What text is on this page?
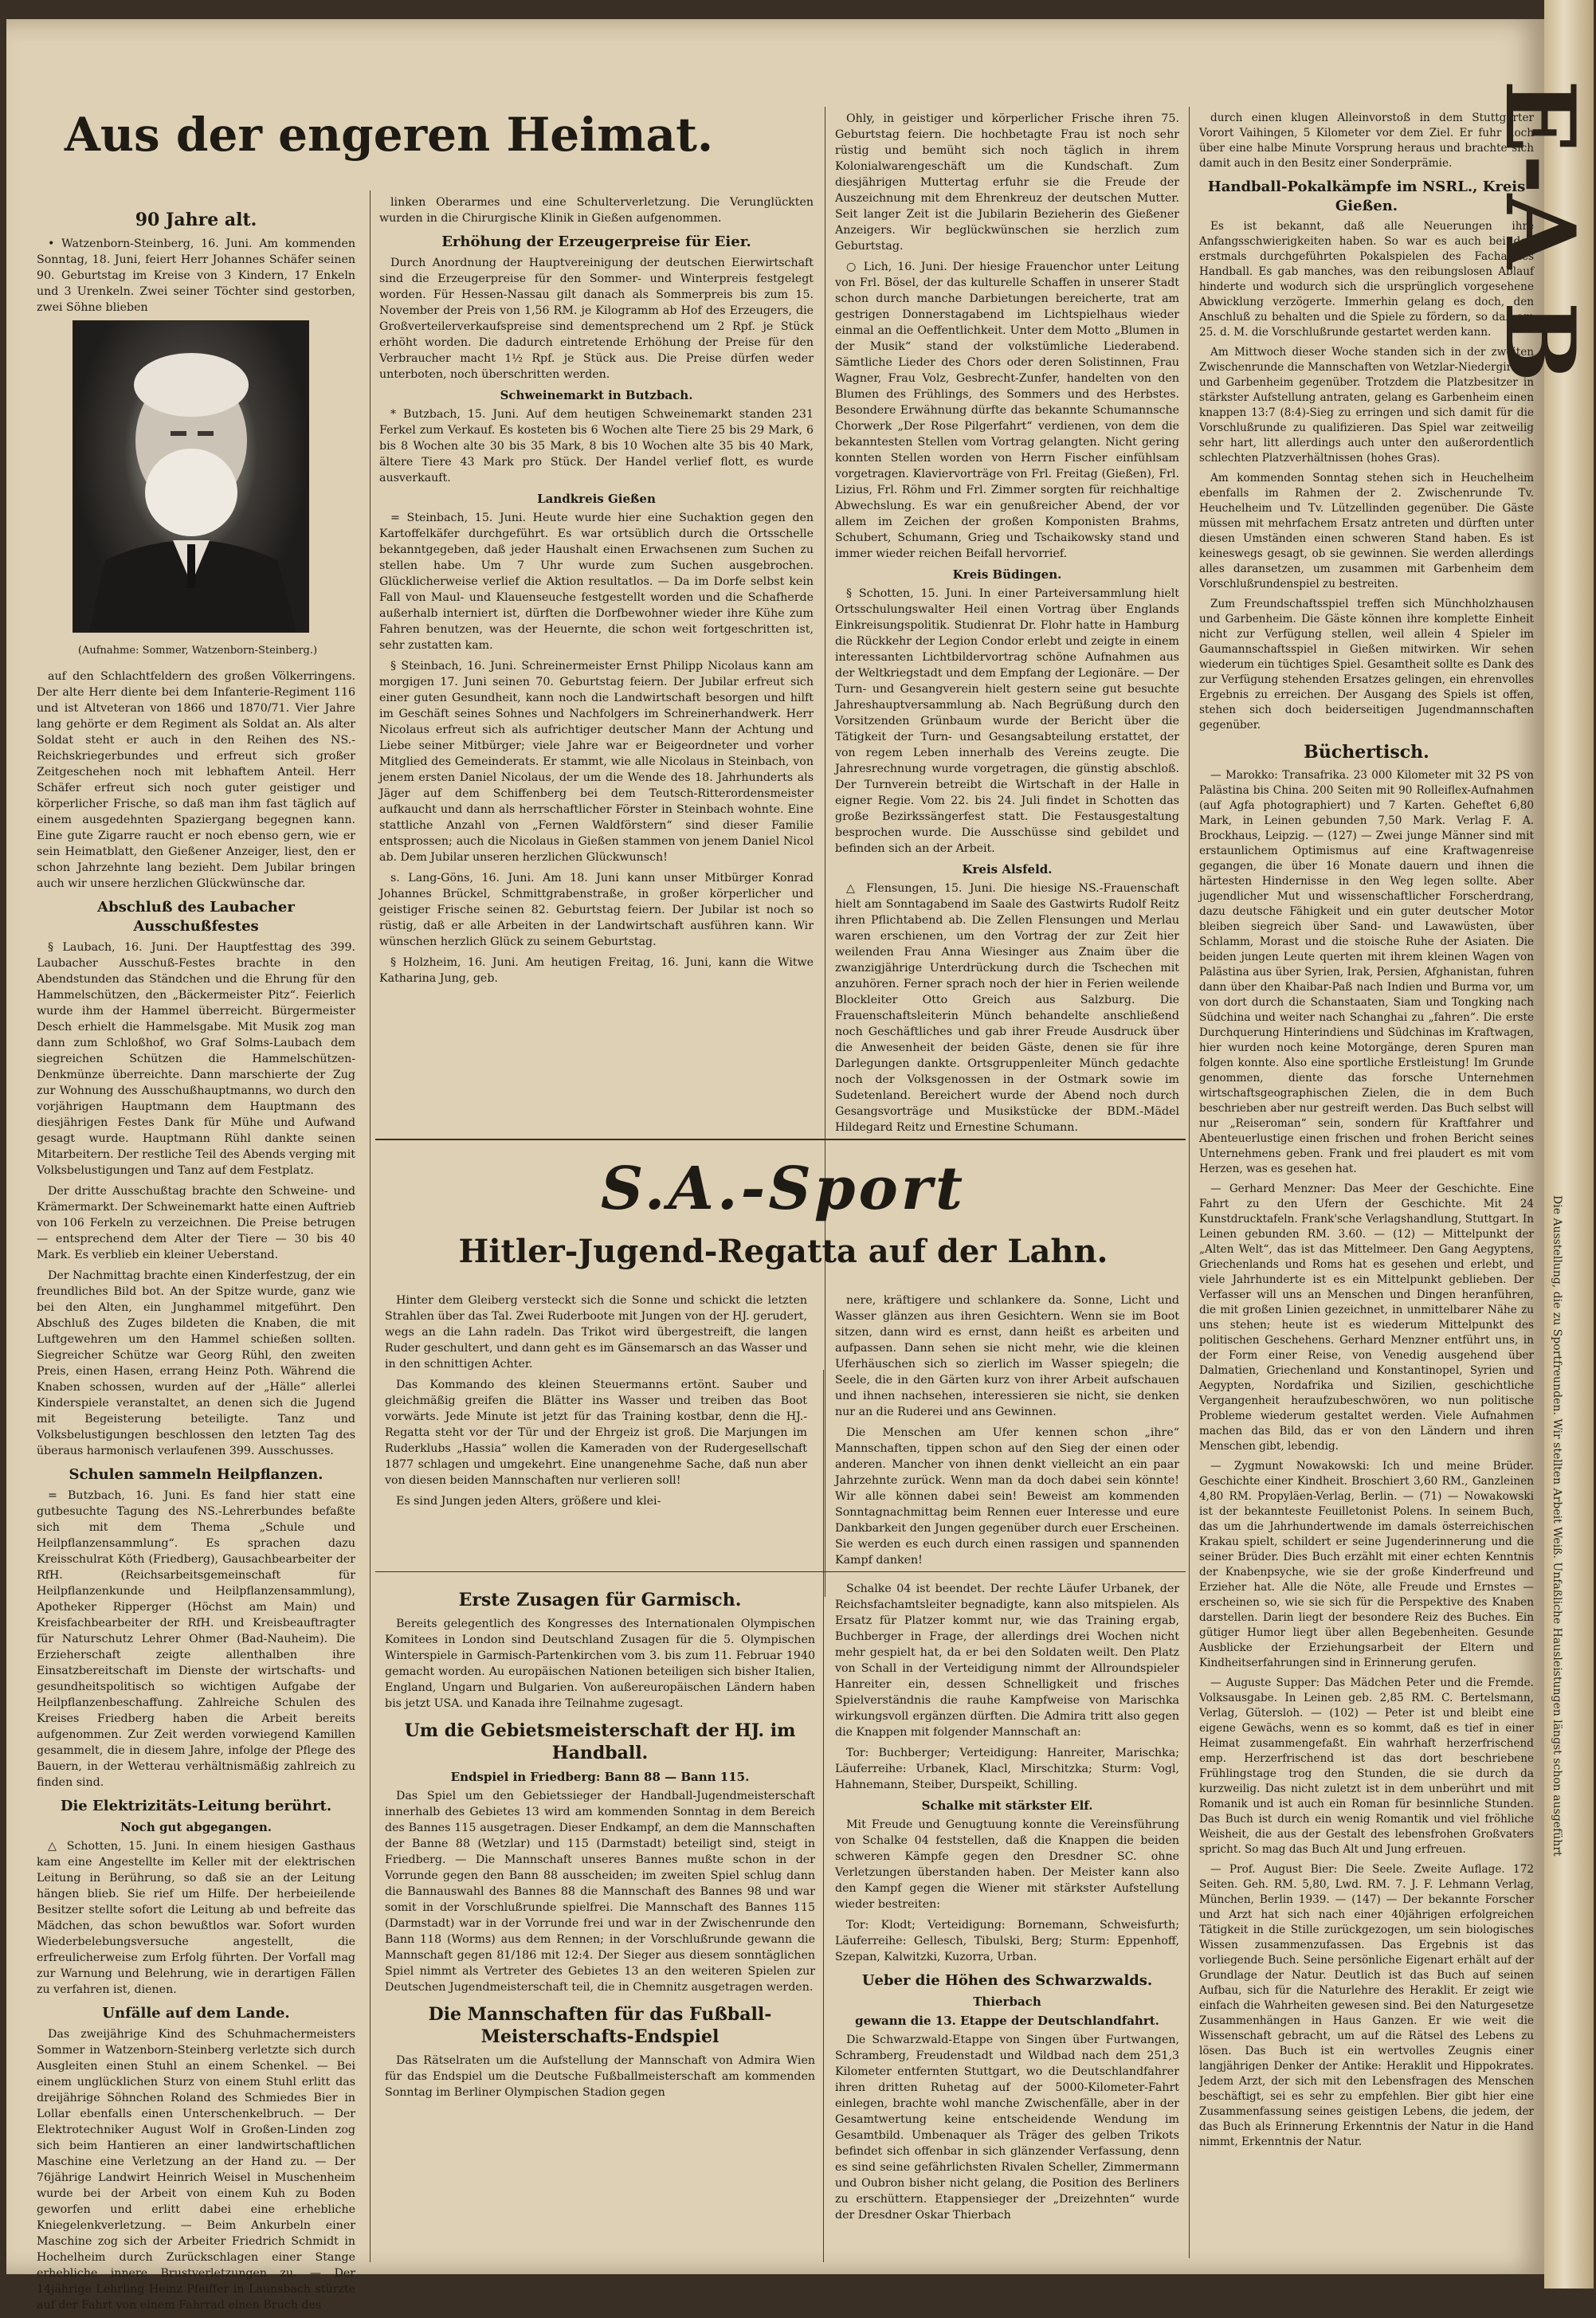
Aus der engeren Heimat.
90 Jahre alt.

• Watzenborn-Steinberg, 16. Juni. Am kommenden Sonntag, 18. Juni, feiert Herr Johannes Schäfer seinen 90. Geburtstag im Kreise von 3 Kindern, 17 Enkeln und 3 Urenkeln. Zwei seiner Töchter sind gestorben, zwei Söhne blieben

(Aufnahme: Sommer, Watzenborn-Steinberg.)

auf den Schlachtfeldern des großen Völkerringens. Der alte Herr diente bei dem Infanterie-Regiment 116 und ist Altveteran von 1866 und 1870/71. Vier Jahre lang gehörte er dem Regiment als Soldat an. Als alter Soldat steht er auch in den Reihen des NS.-Reichskriegerbundes und erfreut sich großer Zeitgeschehen noch mit lebhaftem Anteil. Herr Schäfer erfreut sich noch guter geistiger und körperlicher Frische, so daß man ihm fast täglich auf einem ausgedehnten Spaziergang begegnen kann. Eine gute Zigarre raucht er noch ebenso gern, wie er sein Heimatblatt, den Gießener Anzeiger, liest, den er schon Jahrzehnte lang bezieht. Dem Jubilar bringen auch wir unsere herzlichen Glückwünsche dar.

Abschluß des Laubacher Ausschußfestes

§ Laubach, 16. Juni. Der Hauptfesttag des 399. Laubacher Ausschuß-Festes brachte in den Abendstunden das Ständchen und die Ehrung für den Hammelschützen, den „Bäckermeister Pitz“. Feierlich wurde ihm der Hammel überreicht. Bürgermeister Desch erhielt die Hammelsgabe. Mit Musik zog man dann zum Schloßhof, wo Graf Solms-Laubach dem siegreichen Schützen die Hammelschützen-Denkmünze überreichte. Dann marschierte der Zug zur Wohnung des Ausschußhauptmanns, wo durch den vorjährigen Hauptmann dem Hauptmann des diesjährigen Festes Dank für Mühe und Aufwand gesagt wurde. Hauptmann Rühl dankte seinen Mitarbeitern. Der restliche Teil des Abends verging mit Volksbelustigungen und Tanz auf dem Festplatz.

Der dritte Ausschußtag brachte den Schweine- und Krämermarkt. Der Schweinemarkt hatte einen Auftrieb von 106 Ferkeln zu verzeichnen. Die Preise betrugen — entsprechend dem Alter der Tiere — 30 bis 40 Mark. Es verblieb ein kleiner Ueberstand.

Der Nachmittag brachte einen Kinderfestzug, der ein freundliches Bild bot. An der Spitze wurde, ganz wie bei den Alten, ein Junghammel mitgeführt. Den Abschluß des Zuges bildeten die Knaben, die mit Luftgewehren um den Hammel schießen sollten. Siegreicher Schütze war Georg Rühl, den zweiten Preis, einen Hasen, errang Heinz Poth. Während die Knaben schossen, wurden auf der „Hälle“ allerlei Kinderspiele veranstaltet, an denen sich die Jugend mit Begeisterung beteiligte. Tanz und Volksbelustigungen beschlossen den letzten Tag des überaus harmonisch verlaufenen 399. Ausschusses.

Schulen sammeln Heilpflanzen.

= Butzbach, 16. Juni. Es fand hier statt eine gutbesuchte Tagung des NS.-Lehrerbundes befaßte sich mit dem Thema „Schule und Heilpflanzensammlung“. Es sprachen dazu Kreisschulrat Köth (Friedberg), Gausachbearbeiter der RfH. (Reichsarbeitsgemeinschaft für Heilpflanzenkunde und Heilpflanzensammlung), Apotheker Ripperger (Höchst am Main) und Kreisfachbearbeiter der RfH. und Kreisbeauftragter für Naturschutz Lehrer Ohmer (Bad-Nauheim). Die Erzieherschaft zeigte allenthalben ihre Einsatzbereitschaft im Dienste der wirtschafts- und gesundheitspolitisch so wichtigen Aufgabe der Heilpflanzenbeschaffung. Zahlreiche Schulen des Kreises Friedberg haben die Arbeit bereits aufgenommen. Zur Zeit werden vorwiegend Kamillen gesammelt, die in diesem Jahre, infolge der Pflege des Bauern, in der Wetterau verhältnismäßig zahlreich zu finden sind.

Die Elektrizitäts-Leitung berührt.
Noch gut abgegangen.

△ Schotten, 15. Juni. In einem hiesigen Gasthaus kam eine Angestellte im Keller mit der elektrischen Leitung in Berührung, so daß sie an der Leitung hängen blieb. Sie rief um Hilfe. Der herbeieilende Besitzer stellte sofort die Leitung ab und befreite das Mädchen, das schon bewußtlos war. Sofort wurden Wiederbelebungsversuche angestellt, die erfreulicherweise zum Erfolg führten. Der Vorfall mag zur Warnung und Belehrung, wie in derartigen Fällen zu verfahren ist, dienen.

Unfälle auf dem Lande.

Das zweijährige Kind des Schuhmachermeisters Sommer in Watzenborn-Steinberg verletzte sich durch Ausgleiten einen Stuhl an einem Schenkel. — Bei einem unglücklichen Sturz von einem Stuhl erlitt das dreijährige Söhnchen Roland des Schmiedes Bier in Lollar ebenfalls einen Unterschenkelbruch. — Der Elektrotechniker August Wolf in Großen-Linden zog sich beim Hantieren an einer landwirtschaftlichen Maschine eine Verletzung an der Hand zu. — Der 76jährige Landwirt Heinrich Weisel in Muschenheim wurde bei der Arbeit von einem Kuh zu Boden geworfen und erlitt dabei eine erhebliche Kniegelenkverletzung. — Beim Ankurbeln einer Maschine zog sich der Arbeiter Friedrich Schmidt in Hochelheim durch Zurückschlagen einer Stange erhebliche innere Brustverletzungen zu. — Der 14jährige Lehrling Heinz Pfeiffer in Launsbach stürzte auf der Fahrt von einem Fahrrad einen Bruch des

linken Oberarmes und eine Schulterverletzung. Die Verunglückten wurden in die Chirurgische Klinik in Gießen aufgenommen.

Erhöhung der Erzeugerpreise für Eier.

Durch Anordnung der Hauptvereinigung der deutschen Eierwirtschaft sind die Erzeugerpreise für den Sommer- und Winterpreis festgelegt worden. Für Hessen-Nassau gilt danach als Sommerpreis bis zum 15. November der Preis von 1,56 RM. je Kilogramm ab Hof des Erzeugers, die Großverteilerverkaufspreise sind dementsprechend um 2 Rpf. je Stück erhöht worden. Die dadurch eintretende Erhöhung der Preise für den Verbraucher macht 1½ Rpf. je Stück aus. Die Preise dürfen weder unterboten, noch überschritten werden.

Schweinemarkt in Butzbach.

* Butzbach, 15. Juni. Auf dem heutigen Schweinemarkt standen 231 Ferkel zum Verkauf. Es kosteten bis 6 Wochen alte Tiere 25 bis 29 Mark, 6 bis 8 Wochen alte 30 bis 35 Mark, 8 bis 10 Wochen alte 35 bis 40 Mark, ältere Tiere 43 Mark pro Stück. Der Handel verlief flott, es wurde ausverkauft.

Landkreis Gießen

= Steinbach, 15. Juni. Heute wurde hier eine Suchaktion gegen den Kartoffelkäfer durchgeführt. Es war ortsüblich durch die Ortsschelle bekanntgegeben, daß jeder Haushalt einen Erwachsenen zum Suchen zu stellen habe. Um 7 Uhr wurde zum Suchen ausgebrochen. Glücklicherweise verlief die Aktion resultatlos. — Da im Dorfe selbst kein Fall von Maul- und Klauenseuche festgestellt worden und die Schafherde außerhalb interniert ist, dürften die Dorfbewohner wieder ihre Kühe zum Fahren benutzen, was der Heuernte, die schon weit fortgeschritten ist, sehr zustatten kam.

§ Steinbach, 16. Juni. Schreinermeister Ernst Philipp Nicolaus kann am morgigen 17. Juni seinen 70. Geburtstag feiern. Der Jubilar erfreut sich einer guten Gesundheit, kann noch die Landwirtschaft besorgen und hilft im Geschäft seines Sohnes und Nachfolgers im Schreinerhandwerk. Herr Nicolaus erfreut sich als aufrichtiger deutscher Mann der Achtung und Liebe seiner Mitbürger; viele Jahre war er Beigeordneter und vorher Mitglied des Gemeinderats. Er stammt, wie alle Nicolaus in Steinbach, von jenem ersten Daniel Nicolaus, der um die Wende des 18. Jahrhunderts als Jäger auf dem Schiffenberg bei dem Teutsch-Ritterordensmeister aufkaucht und dann als herrschaftlicher Förster in Steinbach wohnte. Eine stattliche Anzahl von „Fernen Waldförstern“ sind dieser Familie entsprossen; auch die Nicolaus in Gießen stammen von jenem Daniel Nicol ab. Dem Jubilar unseren herzlichen Glückwunsch!

s. Lang-Göns, 16. Juni. Am 18. Juni kann unser Mitbürger Konrad Johannes Brückel, Schmittgrabenstraße, in großer körperlicher und geistiger Frische seinen 82. Geburtstag feiern. Der Jubilar ist noch so rüstig, daß er alle Arbeiten in der Landwirtschaft ausführen kann. Wir wünschen herzlich Glück zu seinem Geburtstag.

§ Holzheim, 16. Juni. Am heutigen Freitag, 16. Juni, kann die Witwe Katharina Jung, geb.

Ohly, in geistiger und körperlicher Frische ihren 75. Geburtstag feiern. Die hochbetagte Frau ist noch sehr rüstig und bemüht sich noch täglich in ihrem Kolonialwarengeschäft um die Kundschaft. Zum diesjährigen Muttertag erfuhr sie die Freude der Auszeichnung mit dem Ehrenkreuz der deutschen Mutter. Seit langer Zeit ist die Jubilarin Bezieherin des Gießener Anzeigers. Wir beglückwünschen sie herzlich zum Geburtstag.

○ Lich, 16. Juni. Der hiesige Frauenchor unter Leitung von Frl. Bösel, der das kulturelle Schaffen in unserer Stadt schon durch manche Darbietungen bereicherte, trat am gestrigen Donnerstagabend im Lichtspielhaus wieder einmal an die Oeffentlichkeit. Unter dem Motto „Blumen in der Musik“ stand der volkstümliche Liederabend. Sämtliche Lieder des Chors oder deren Solistinnen, Frau Wagner, Frau Volz, Gesbrecht-Zunfer, handelten von den Blumen des Frühlings, des Sommers und des Herbstes. Besondere Erwähnung dürfte das bekannte Schumannsche Chorwerk „Der Rose Pilgerfahrt“ verdienen, von dem die bekanntesten Stellen vom Vortrag gelangten. Nicht gering konnten Stellen worden von Herrn Fischer einfühlsam vorgetragen. Klaviervorträge von Frl. Freitag (Gießen), Frl. Lizius, Frl. Röhm und Frl. Zimmer sorgten für reichhaltige Abwechslung. Es war ein genußreicher Abend, der vor allem im Zeichen der großen Komponisten Brahms, Schubert, Schumann, Grieg und Tschaikowsky stand und immer wieder reichen Beifall hervorrief.

Kreis Büdingen.

§ Schotten, 15. Juni. In einer Parteiversammlung hielt Ortsschulungswalter Heil einen Vortrag über Englands Einkreisungspolitik. Studienrat Dr. Flohr hatte in Hamburg die Rückkehr der Legion Condor erlebt und zeigte in einem interessanten Lichtbildervortrag schöne Aufnahmen aus der Weltkriegstadt und dem Empfang der Legionäre. — Der Turn- und Gesangverein hielt gestern seine gut besuchte Jahreshauptversammlung ab. Nach Begrüßung durch den Vorsitzenden Grünbaum wurde der Bericht über die Tätigkeit der Turn- und Gesangsabteilung erstattet, der von regem Leben innerhalb des Vereins zeugte. Die Jahresrechnung wurde vorgetragen, die günstig abschloß. Der Turnverein betreibt die Wirtschaft in der Halle in eigner Regie. Vom 22. bis 24. Juli findet in Schotten das große Bezirkssängerfest statt. Die Festausgestaltung besprochen wurde. Die Ausschüsse sind gebildet und befinden sich an der Arbeit.

Kreis Alsfeld.

△ Flensungen, 15. Juni. Die hiesige NS.-Frauenschaft hielt am Sonntagabend im Saale des Gastwirts Rudolf Reitz ihren Pflichtabend ab. Die Zellen Flensungen und Merlau waren erschienen, um den Vortrag der zur Zeit hier weilenden Frau Anna Wiesinger aus Znaim über die zwanzigjährige Unterdrückung durch die Tschechen mit anzuhören. Ferner sprach noch der hier in Ferien weilende Blockleiter Otto Greich aus Salzburg. Die Frauenschaftsleiterin Münch behandelte anschließend noch Geschäftliches und gab ihrer Freude Ausdruck über die Anwesenheit der beiden Gäste, denen sie für ihre Darlegungen dankte. Ortsgruppenleiter Münch gedachte noch der Volksgenossen in der Ostmark sowie im Sudetenland. Bereichert wurde der Abend noch durch Gesangsvorträge und Musikstücke der BDM.-Mädel Hildegard Reitz und Ernestine Schumann.

durch einen klugen Alleinvorstoß in dem Stuttgarter Vorort Vaihingen, 5 Kilometer vor dem Ziel. Er fuhr noch über eine halbe Minute Vorsprung heraus und brachte sich damit auch in den Besitz einer Sonderprämie.

Handball-Pokalkämpfe im NSRL., Kreis Gießen.

Es ist bekannt, daß alle Neuerungen ihre Anfangsschwierigkeiten haben. So war es auch bei den erstmals durchgeführten Pokalspielen des Fachamtes Handball. Es gab manches, was den reibungslosen Ablauf hinderte und wodurch sich die ursprünglich vorgesehene Abwicklung verzögerte. Immerhin gelang es doch, den Anschluß zu behalten und die Spiele zu fördern, so daß am 25. d. M. die Vorschlußrunde gestartet werden kann.

Am Mittwoch dieser Woche standen sich in der zweiten Zwischenrunde die Mannschaften von Wetzlar-Niedergirmes und Garbenheim gegenüber. Trotzdem die Platzbesitzer in stärkster Aufstellung antraten, gelang es Garbenheim einen knappen 13:7 (8:4)-Sieg zu erringen und sich damit für die Vorschlußrunde zu qualifizieren. Das Spiel war zeitweilig sehr hart, litt allerdings auch unter den außerordentlich schlechten Platzverhältnissen (hohes Gras).

Am kommenden Sonntag stehen sich in Heuchelheim ebenfalls im Rahmen der 2. Zwischenrunde Tv. Heuchelheim und Tv. Lützellinden gegenüber. Die Gäste müssen mit mehrfachem Ersatz antreten und dürften unter diesen Umständen einen schweren Stand haben. Es ist keineswegs gesagt, ob sie gewinnen. Sie werden allerdings alles daransetzen, um zusammen mit Garbenheim dem Vorschlußrundenspiel zu bestreiten.

Zum Freundschaftsspiel treffen sich Münchholzhausen und Garbenheim. Die Gäste können ihre komplette Einheit nicht zur Verfügung stellen, weil allein 4 Spieler im Gaumannschaftsspiel in Gießen mitwirken. Wir sehen wiederum ein tüchtiges Spiel. Gesamtheit sollte es Dank des zur Verfügung stehenden Ersatzes gelingen, ein ehrenvolles Ergebnis zu erreichen. Der Ausgang des Spiels ist offen, stehen sich doch beiderseitigen Jugendmannschaften gegenüber.

Büchertisch.

— Marokko: Transafrika. 23 000 Kilometer mit 32 PS von Palästina bis China. 200 Seiten mit 90 Rolleiflex-Aufnahmen (auf Agfa photographiert) und 7 Karten. Geheftet 6,80 Mark, in Leinen gebunden 7,50 Mark. Verlag F. A. Brockhaus, Leipzig. — (127) — Zwei junge Männer sind mit erstaunlichem Optimismus auf eine Kraftwagenreise gegangen, die über 16 Monate dauern und ihnen die härtesten Hindernisse in den Weg legen sollte. Aber jugendlicher Mut und wissenschaftlicher Forscherdrang, dazu deutsche Fähigkeit und ein guter deutscher Motor bleiben siegreich über Sand- und Lawawüsten, über Schlamm, Morast und die stoische Ruhe der Asiaten. Die beiden jungen Leute querten mit ihrem kleinen Wagen von Palästina aus über Syrien, Irak, Persien, Afghanistan, fuhren dann über den Khaibar-Paß nach Indien und Burma vor, um von dort durch die Schanstaaten, Siam und Tongking nach Südchina und weiter nach Schanghai zu „fahren“. Die erste Durchquerung Hinterindiens und Südchinas im Kraftwagen, hier wurden noch keine Motorgänge, deren Spuren man folgen konnte. Also eine sportliche Erstleistung! Im Grunde genommen, diente das forsche Unternehmen wirtschaftsgeographischen Zielen, die in dem Buch beschrieben aber nur gestreift werden. Das Buch selbst will nur „Reiseroman“ sein, sondern für Kraftfahrer und Abenteuerlustige einen frischen und frohen Bericht seines Unternehmens geben. Frank und frei plaudert es mit vom Herzen, was es gesehen hat.

— Gerhard Menzner: Das Meer der Geschichte. Eine Fahrt zu den Ufern der Geschichte. Mit 24 Kunstdrucktafeln. Frank'sche Verlagshandlung, Stuttgart. In Leinen gebunden RM. 3.60. — (12) — Mittelpunkt der „Alten Welt“, das ist das Mittelmeer. Den Gang Aegyptens, Griechenlands und Roms hat es gesehen und erlebt, und viele Jahrhunderte ist es ein Mittelpunkt geblieben. Der Verfasser will uns an Menschen und Dingen heranführen, die mit großen Linien gezeichnet, in unmittelbarer Nähe zu uns stehen; heute ist es wiederum Mittelpunkt des politischen Geschehens. Gerhard Menzner entführt uns, in der Form einer Reise, von Venedig ausgehend über Dalmatien, Griechenland und Konstantinopel, Syrien und Aegypten, Nordafrika und Sizilien, geschichtliche Vergangenheit heraufzubeschwören, wo nun politische Probleme wiederum gestaltet werden. Viele Aufnahmen machen das Bild, das er von den Ländern und ihren Menschen gibt, lebendig.

— Zygmunt Nowakowski: Ich und meine Brüder. Geschichte einer Kindheit. Broschiert 3,60 RM., Ganzleinen 4,80 RM. Propyläen-Verlag, Berlin. — (71) — Nowakowski ist der bekannteste Feuilletonist Polens. In seinem Buch, das um die Jahrhundertwende im damals österreichischen Krakau spielt, schildert er seine Jugenderinnerung und die seiner Brüder. Dies Buch erzählt mit einer echten Kenntnis der Knabenpsyche, wie sie der große Kinderfreund und Erzieher hat. Alle die Nöte, alle Freude und Ernstes — erscheinen so, wie sie sich für die Perspektive des Knaben darstellen. Darin liegt der besondere Reiz des Buches. Ein gütiger Humor liegt über allen Begebenheiten. Gesunde Ausblicke der Erziehungsarbeit der Eltern und Kindheitserfahrungen sind in Erinnerung gerufen.

— Auguste Supper: Das Mädchen Peter und die Fremde. Volksausgabe. In Leinen geb. 2,85 RM. C. Bertelsmann, Verlag, Gütersloh. — (102) — Peter ist und bleibt eine eigene Gewächs, wenn es so kommt, daß es tief in einer Heimat zusammengefaßt. Ein wahrhaft herzerfrischend emp. Herzerfrischend ist das dort beschriebene Frühlingstage trog den Stunden, die sie durch da kurzweilig. Das nicht zuletzt ist in dem unberührt und mit Romanik und ist auch ein Roman für besinnliche Stunden. Das Buch ist durch ein wenig Romantik und viel fröhliche Weisheit, die aus der Gestalt des lebensfrohen Großvaters spricht. So mag das Buch Alt und Jung erfreuen.

— Prof. August Bier: Die Seele. Zweite Auflage. 172 Seiten. Geh. RM. 5,80, Lwd. RM. 7. J. F. Lehmann Verlag, München, Berlin 1939. — (147) — Der bekannte Forscher und Arzt hat sich nach einer 40jährigen erfolgreichen Tätigkeit in die Stille zurückgezogen, um sein biologisches Wissen zusammenzufassen. Das Ergebnis ist das vorliegende Buch. Seine persönliche Eigenart erhält auf der Grundlage der Natur. Deutlich ist das Buch auf seinen Aufbau, sich für die Naturlehre des Heraklit. Er zeigt wie einfach die Wahrheiten gewesen sind. Bei den Naturgesetze Zusammenhängen in Haus Ganzen. Er wie weit die Wissenschaft gebracht, um auf die Rätsel des Lebens zu lösen. Das Buch ist ein wertvolles Zeugnis einer langjährigen Denker der Antike: Heraklit und Hippokrates. Jedem Arzt, der sich mit den Lebensfragen des Menschen beschäftigt, sei es sehr zu empfehlen. Bier gibt hier eine Zusammenfassung seines geistigen Lebens, die jedem, der das Buch als Erinnerung Erkenntnis der Natur in die Hand nimmt, Erkenntnis der Natur.

S.A.-Sport
Hitler-Jugend-Regatta auf der Lahn.

Hinter dem Gleiberg versteckt sich die Sonne und schickt die letzten Strahlen über das Tal. Zwei Ruderboote mit Jungen von der HJ. gerudert, wegs an die Lahn radeln. Das Trikot wird übergestreift, die langen Ruder geschultert, und dann geht es im Gänsemarsch an das Wasser und in den schnittigen Achter.

Das Kommando des kleinen Steuermanns ertönt. Sauber und gleichmäßig greifen die Blätter ins Wasser und treiben das Boot vorwärts. Jede Minute ist jetzt für das Training kostbar, denn die HJ.-Regatta steht vor der Tür und der Ehrgeiz ist groß. Die Marjungen im Ruderklubs „Hassia“ wollen die Kameraden von der Rudergesellschaft 1877 schlagen und umgekehrt. Eine unangenehme Sache, daß nun aber von diesen beiden Mannschaften nur verlieren soll!

Es sind Jungen jeden Alters, größere und klei-

nere, kräftigere und schlankere da. Sonne, Licht und Wasser glänzen aus ihren Gesichtern. Wenn sie im Boot sitzen, dann wird es ernst, dann heißt es arbeiten und aufpassen. Dann sehen sie nicht mehr, wie die kleinen Uferhäuschen sich so zierlich im Wasser spiegeln; die Seele, die in den Gärten kurz von ihrer Arbeit aufschauen und ihnen nachsehen, interessieren sie nicht, sie denken nur an die Ruderei und ans Gewinnen.

Die Menschen am Ufer kennen schon „ihre“ Mannschaften, tippen schon auf den Sieg der einen oder anderen. Mancher von ihnen denkt vielleicht an ein paar Jahrzehnte zurück. Wenn man da doch dabei sein könnte! Wir alle können dabei sein! Beweist am kommenden Sonntagnachmittag beim Rennen euer Interesse und eure Dankbarkeit den Jungen gegenüber durch euer Erscheinen. Sie werden es euch durch einen rassigen und spannenden Kampf danken!

Erste Zusagen für Garmisch.

Bereits gelegentlich des Kongresses des Internationalen Olympischen Komitees in London sind Deutschland Zusagen für die 5. Olympischen Winterspiele in Garmisch-Partenkirchen vom 3. bis zum 11. Februar 1940 gemacht worden. Au europäischen Nationen beteiligen sich bisher Italien, England, Ungarn und Bulgarien. Von außereuropäischen Ländern haben bis jetzt USA. und Kanada ihre Teilnahme zugesagt.

Um die Gebietsmeisterschaft der HJ. im Handball.
Endspiel in Friedberg: Bann 88 — Bann 115.

Das Spiel um den Gebietssieger der Handball-Jugendmeisterschaft innerhalb des Gebietes 13 wird am kommenden Sonntag in dem Bereich des Bannes 115 ausgetragen. Dieser Endkampf, an dem die Mannschaften der Banne 88 (Wetzlar) und 115 (Darmstadt) beteiligt sind, steigt in Friedberg. — Die Mannschaft unseres Bannes mußte schon in der Vorrunde gegen den Bann 88 ausscheiden; im zweiten Spiel schlug dann die Bannauswahl des Bannes 88 die Mannschaft des Bannes 98 und war somit in der Vorschlußrunde spielfrei. Die Mannschaft des Bannes 115 (Darmstadt) war in der Vorrunde frei und war in der Zwischenrunde den Bann 118 (Worms) aus dem Rennen; in der Vorschlußrunde gewann die Mannschaft gegen 81/186 mit 12:4. Der Sieger aus diesem sonntäglichen Spiel nimmt als Vertreter des Gebietes 13 an den weiteren Spielen zur Deutschen Jugendmeisterschaft teil, die in Chemnitz ausgetragen werden.

Die Mannschaften für das Fußball-Meisterschafts-Endspiel

Das Rätselraten um die Aufstellung der Mannschaft von Admira Wien für das Endspiel um die Deutsche Fußballmeisterschaft am kommenden Sonntag im Berliner Olympischen Stadion gegen

Schalke 04 ist beendet. Der rechte Läufer Urbanek, der Reichsfachamtsleiter begnadigte, kann also mitspielen. Als Ersatz für Platzer kommt nur, wie das Training ergab, Buchberger in Frage, der allerdings drei Wochen nicht mehr gespielt hat, da er bei den Soldaten weilt. Den Platz von Schall in der Verteidigung nimmt der Allroundspieler Hanreiter ein, dessen Schnelligkeit und frisches Spielverständnis die rauhe Kampfweise von Marischka wirkungsvoll ergänzen dürften. Die Admira tritt also gegen die Knappen mit folgender Mannschaft an:

Tor: Buchberger; Verteidigung: Hanreiter, Marischka; Läuferreihe: Urbanek, Klacl, Mirschitzka; Sturm: Vogl, Hahnemann, Steiber, Durspeikt, Schilling.

Schalke mit stärkster Elf.

Mit Freude und Genugtuung konnte die Vereinsführung von Schalke 04 feststellen, daß die Knappen die beiden schweren Kämpfe gegen den Dresdner SC. ohne Verletzungen überstanden haben. Der Meister kann also den Kampf gegen die Wiener mit stärkster Aufstellung wieder bestreiten:

Tor: Klodt; Verteidigung: Bornemann, Schweisfurth; Läuferreihe: Gellesch, Tibulski, Berg; Sturm: Eppenhoff, Szepan, Kalwitzki, Kuzorra, Urban.

Ueber die Höhen des Schwarzwalds.
Thierbach
gewann die 13. Etappe der Deutschlandfahrt.

Die Schwarzwald-Etappe von Singen über Furtwangen, Schramberg, Freudenstadt und Wildbad nach dem 251,3 Kilometer entfernten Stuttgart, wo die Deutschlandfahrer ihren dritten Ruhetag auf der 5000-Kilometer-Fahrt einlegen, brachte wohl manche Zwischenfälle, aber in der Gesamtwertung keine entscheidende Wendung im Gesamtbild. Umbenaquer als Träger des gelben Trikots befindet sich offenbar in sich glänzender Verfassung, denn es sind seine gefährlichsten Rivalen Scheller, Zimmermann und Oubron bisher nicht gelang, die Position des Berliners zu erschüttern. Etappensieger der „Dreizehnten“ wurde der Dresdner Oskar Thierbach

Die Ausstellung, die zu Sportfreunden. Wir stellten Arbeit Weiß. Unfaßliche Hausleistungen längst schon ausgeführt
